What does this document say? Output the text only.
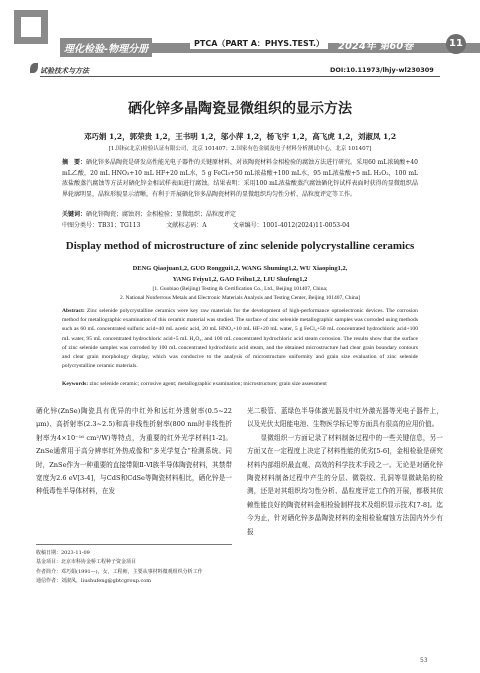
理化检验-物理分册
PTCA（PART A：PHYS.TEST.）	2024年 第60卷	11
试验技术与方法	DOI:10.11973/lhjy-wl230309
硒化锌多晶陶瓷显微组织的显示方法
邓巧娟 1,2，郭荣贵 1,2，王书明 1,2，邬小萍 1,2，杨飞宇 1,2，高飞虎 1,2，刘淑凤 1,2
[1.国标(北京)检验认证有限公司，北京 101407；2.国家有色金属及电子材料分析测试中心，北京 101407]
摘　要：硒化锌多晶陶瓷是研发高性能光电子器件的关键原材料，对该陶瓷材料金相检验的腐蚀方法进行研究。采用60 mL浓硫酸+40 mL乙酸，20 mL HNO₃+10 mL HF+20 mL水，5 g FeCl₃+50 mL浓盐酸+100 mL水，95 mL浓盐酸+5 mL H₂O₂，100 mL浓盐酸蒸汽腐蚀等方法对硒化锌金相试样表面进行腐蚀。结果表明：采用100 mL浓盐酸蒸汽腐蚀硒化锌试样表面时获得的显微组织晶界轮廓明显，晶粒形貌显示清晰，有利于开展硒化锌多晶陶瓷材料的显微组织均匀性分析、晶粒度评定等工作。
关键词：硒化锌陶瓷；腐蚀剂；金相检验；显微组织；晶粒度评定
中图分类号：TB31；TG113	文献标志码：A	文章编号：1001-4012(2024)11-0053-04
Display method of microstructure of zinc selenide polycrystalline ceramics
DENG Qiaojuan1,2, GUO Ronggui1,2, WANG Shuming1,2, WU Xiaoping1,2,
YANG Feiyu1,2, GAO Feihu1,2, LIU Shufeng1,2
[1. Guobiao (Beijing) Testing & Certification Co., Ltd., Beijing 101407, China;
2. National Nonferrous Metals and Electronic Materials Analysis and Testing Center, Beijing 101407, China]
Abstract: Zinc selenide polycrystalline ceramics were key raw materials for the development of high-performance optoelectronic devices. The corrosion method for metallographic examination of this ceramic material was studied. The surface of zinc selenide metallographic samples was corroded using methods such as 60 mL concentrated sulfuric acid+40 mL acetic acid, 20 mL HNO₃+10 mL HF+20 mL water, 5 g FeCl₃+50 mL concentrated hydrochloric acid+100 mL water, 95 mL concentrated hydrochloric acid+5 mL H₂O₂, and 100 mL concentrated hydrochloric acid steam corrosion. The results show that the surface of zinc selenide samples was corroded by 100 mL concentrated hydrochloric acid steam, and the obtained microstructure had clear grain boundary contours and clear grain morphology display, which was conducive to the analysis of microstructure uniformity and grain size evaluation of zinc selenide polycrystalline ceramic materials.
Keywords: zinc selenide ceramic; corrosive agent; metallographic examination; microstructure; grain size assessment
硒化锌(ZnSe)陶瓷具有优异的中红外和远红外透射率(0.5~22 μm)、高折射率(2.3~2.5)和高非线性折射率(800 nm时非线性折射率为4×10⁻¹⁶ cm²/W)等特点，为重要的红外光学材料[1-2]。ZnSe通常用于高分辨率红外热成像和“多光学复合”检测系统。同时，ZnSe作为一种重要的直接带隙Ⅱ-Ⅵ族半导体陶瓷材料，其禁带宽度为2.6 eV[3-4]，与CdS和CdSe等陶瓷材料相比，硒化锌是一种低毒性半导体材料，在发
光二极管、蓝绿色半导体激光器及中红外激光器等光电子器件上，以及光伏太阳能电池、生物医学标记等方面具有很高的应用价值。
　　显微组织一方面记录了材料制备过程中的一些关键信息，另一方面又在一定程度上决定了材料性能的优劣[5-6]，金相检验是研究材料内部组织最直观、高效的科学技术手段之一。无论是对硒化锌陶瓷材料制备过程中产生的分层、微裂纹、孔洞等显微缺陷的检测，还是对其组织均匀性分析、晶粒度评定工作的开展，都极其依赖性能良好的陶瓷材料金相检验制样技术及组织显示技术[7-8]。迄今为止，针对硒化锌多晶陶瓷材料的金相检验腐蚀方法国内外少有报
收稿日期：2023-11-09
基金项目：北京市科协金桥工程种子资金项目
作者简介：邓巧娟(1991—)，女，工程师，主要从事材料微观组织分析工作
通信作者：刘淑凤，liushufeng@gbtcgroup.com
53
